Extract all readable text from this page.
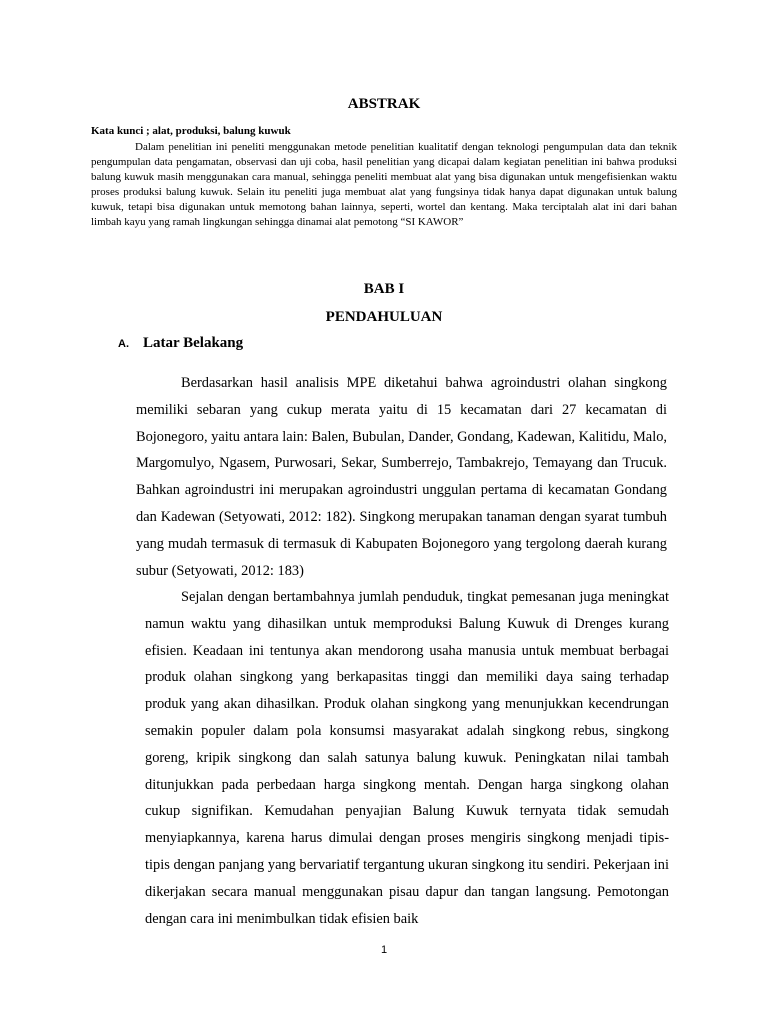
ABSTRAK
Kata kunci ; alat, produksi, balung kuwuk

Dalam penelitian ini peneliti menggunakan metode penelitian kualitatif dengan teknologi pengumpulan data dan teknik pengumpulan data pengamatan, observasi dan uji coba, hasil penelitian yang dicapai dalam kegiatan penelitian ini bahwa produksi balung kuwuk masih menggunakan cara manual, sehingga peneliti membuat alat yang bisa digunakan untuk mengefisienkan waktu proses produksi balung kuwuk. Selain itu peneliti juga membuat alat yang fungsinya tidak hanya dapat digunakan untuk balung kuwuk, tetapi bisa digunakan untuk memotong bahan lainnya, seperti, wortel dan kentang. Maka terciptalah alat ini dari bahan limbah kayu yang ramah lingkungan sehingga dinamai alat pemotong “SI KAWOR”

BAB I
PENDAHULUAN
A. Latar Belakang

Berdasarkan hasil analisis MPE diketahui bahwa agroindustri olahan singkong memiliki sebaran yang cukup merata yaitu di 15 kecamatan dari 27 kecamatan di Bojonegoro, yaitu antara lain: Balen, Bubulan, Dander, Gondang, Kadewan, Kalitidu, Malo, Margomulyo, Ngasem, Purwosari, Sekar, Sumberrejo, Tambakrejo, Temayang dan Trucuk. Bahkan agroindustri ini merupakan agroindustri unggulan pertama di kecamatan Gondang dan Kadewan (Setyowati, 2012: 182). Singkong merupakan tanaman dengan syarat tumbuh yang mudah termasuk di termasuk di Kabupaten Bojonegoro yang tergolong daerah kurang subur (Setyowati, 2012: 183)

Sejalan dengan bertambahnya jumlah penduduk, tingkat pemesanan juga meningkat namun waktu yang dihasilkan untuk memproduksi Balung Kuwuk di Drenges kurang efisien. Keadaan ini tentunya akan mendorong usaha manusia untuk membuat berbagai produk olahan singkong yang berkapasitas tinggi dan memiliki daya saing terhadap produk yang akan dihasilkan. Produk olahan singkong yang menunjukkan kecendrungan semakin populer dalam pola konsumsi masyarakat adalah singkong rebus, singkong goreng, kripik singkong dan salah satunya balung kuwuk. Peningkatan nilai tambah ditunjukkan pada perbedaan harga singkong mentah. Dengan harga singkong olahan cukup signifikan. Kemudahan penyajian Balung Kuwuk ternyata tidak semudah menyiapkannya, karena harus dimulai dengan proses mengiris singkong menjadi tipis- tipis dengan panjang yang bervariatif tergantung ukuran singkong itu sendiri. Pekerjaan ini dikerjakan secara manual menggunakan pisau dapur dan tangan langsung. Pemotongan dengan cara ini menimbulkan tidak efisien baik

1
